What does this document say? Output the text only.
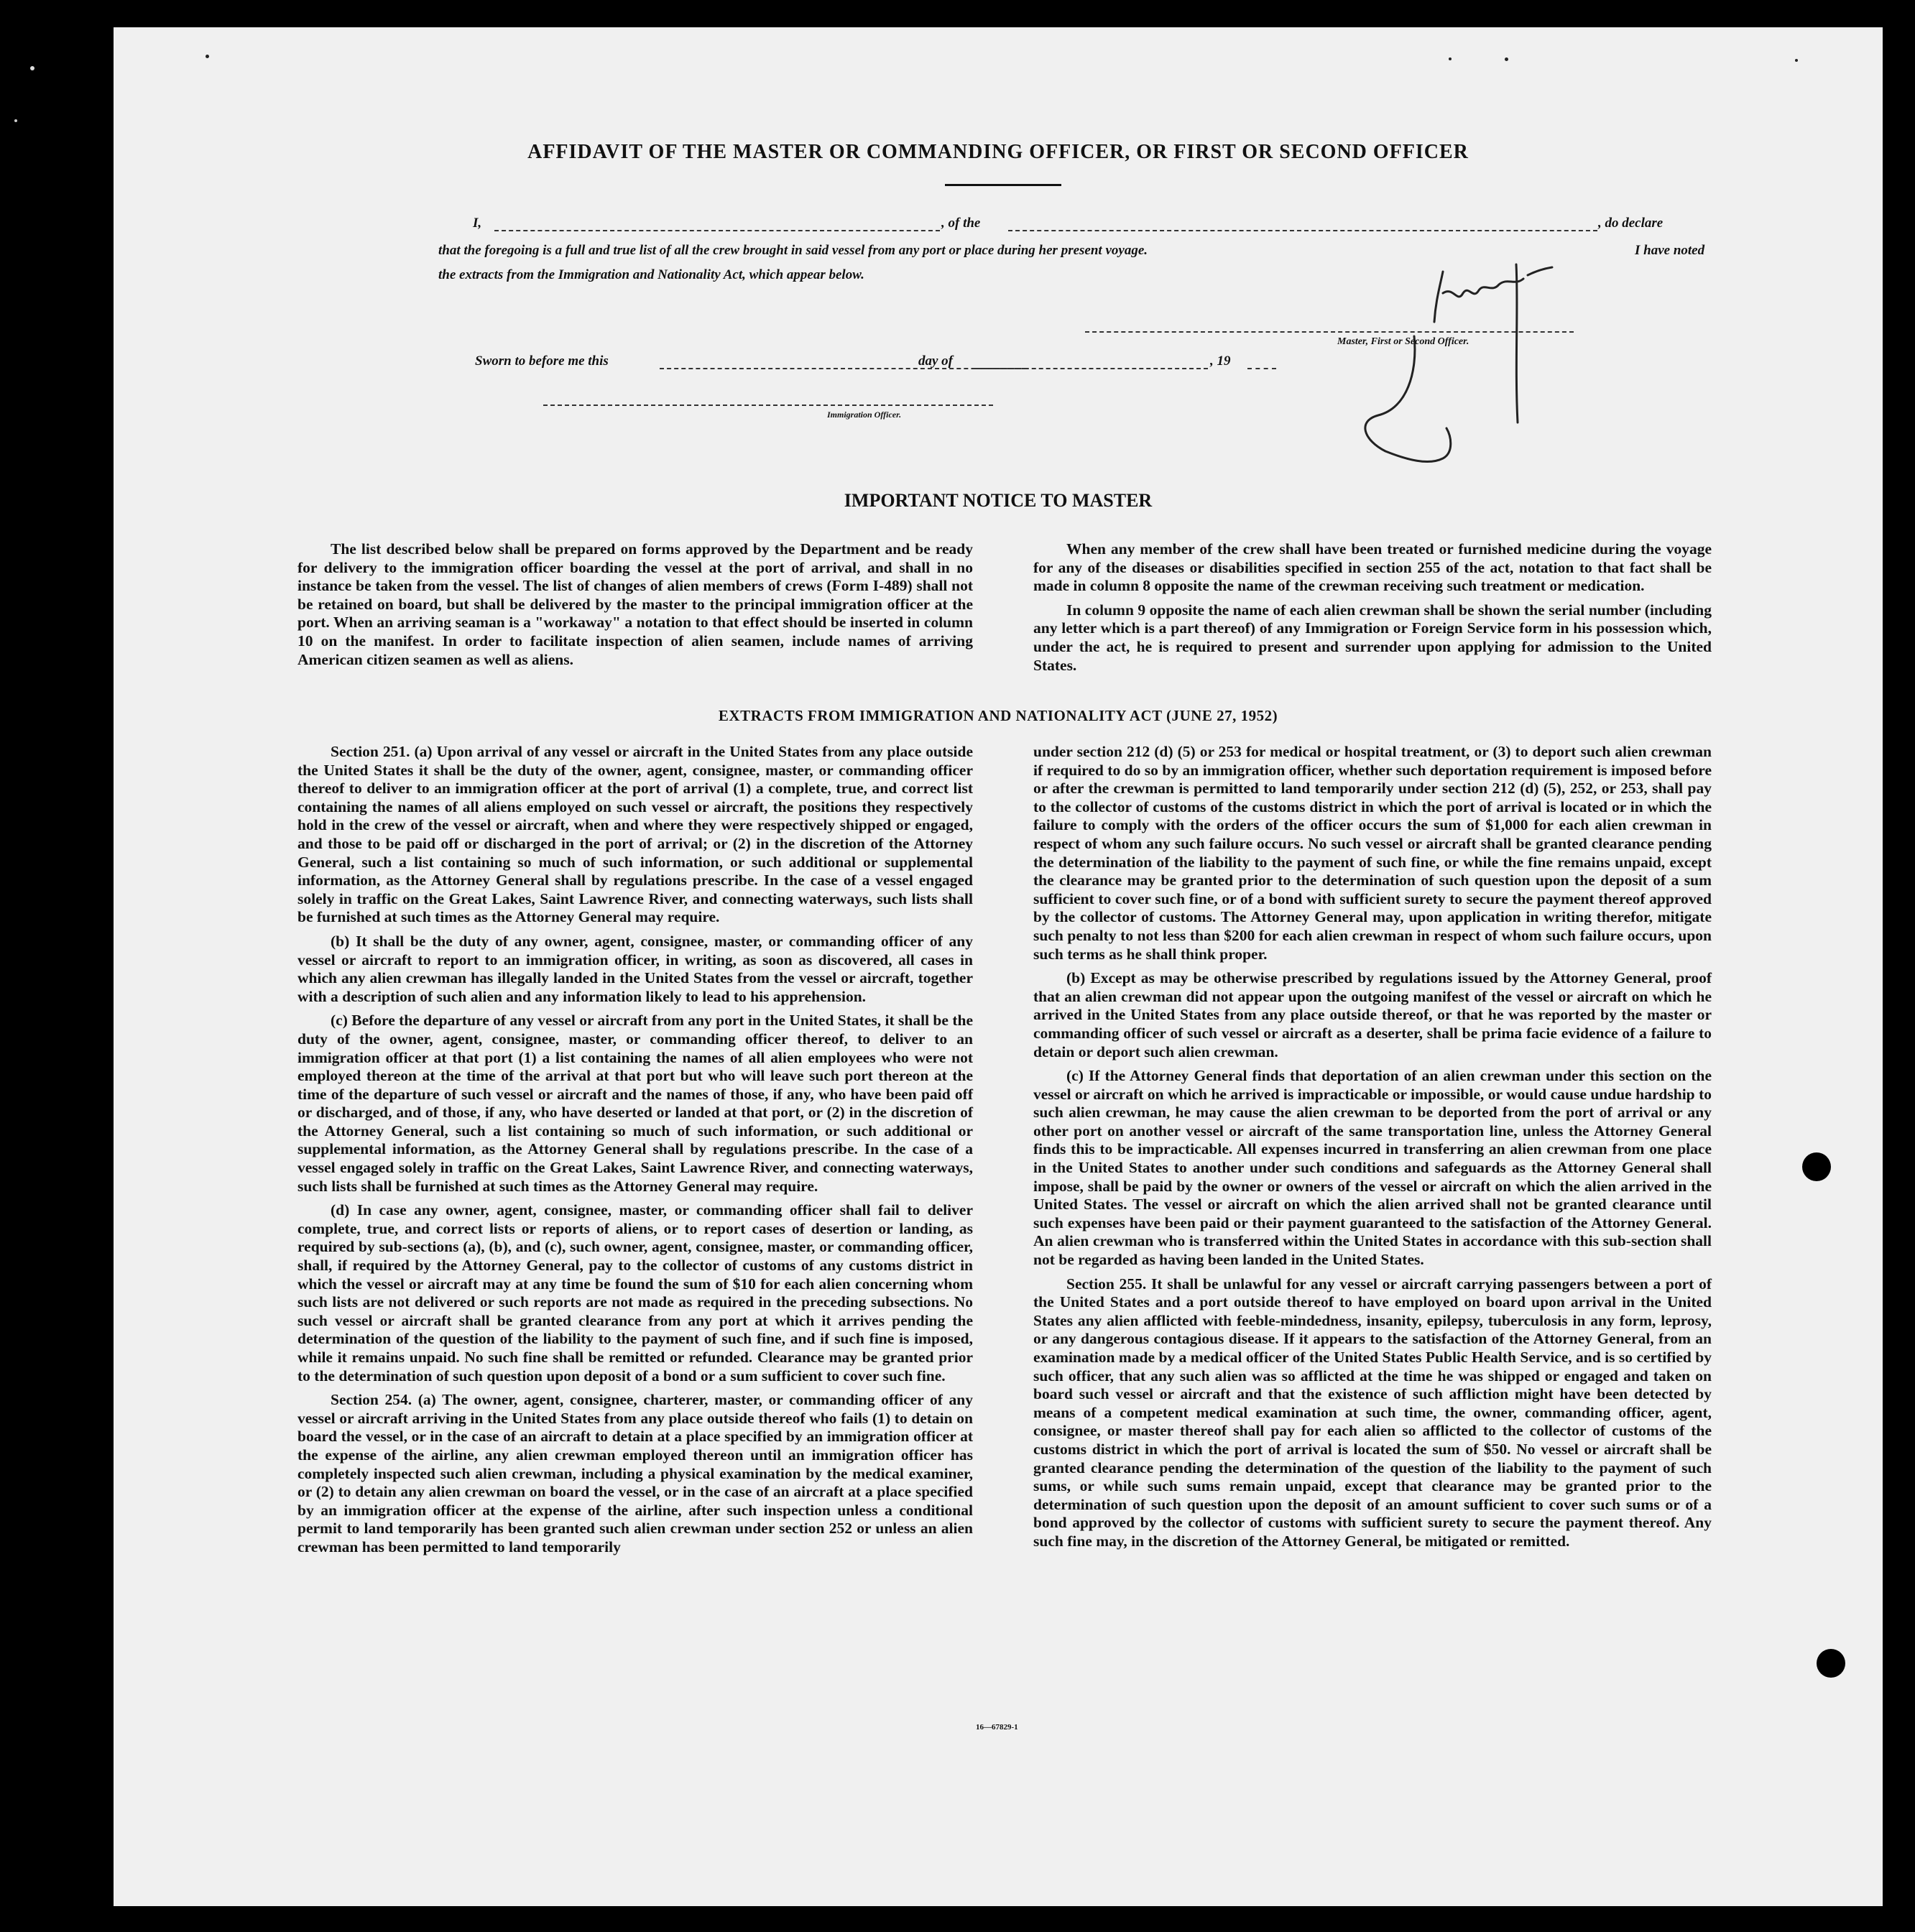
AFFIDAVIT OF THE MASTER OR COMMANDING OFFICER, OR FIRST OR SECOND OFFICER
I,	, of the	, do declare
that the foregoing is a full and true list of all the crew brought in said vessel from any port or place during her present voyage.	I have noted
the extracts from the Immigration and Nationality Act, which appear below.
Master, First or Second Officer.
Sworn to before me this	day of	, 19
Immigration Officer.
IMPORTANT NOTICE TO MASTER

The list described below shall be prepared on forms approved by the Department and be ready for delivery to the immigration officer boarding the vessel at the port of arrival, and shall in no instance be taken from the vessel. The list of changes of alien members of crews (Form I-489) shall not be retained on board, but shall be delivered by the master to the principal immigration officer at the port. When an arriving seaman is a "workaway" a notation to that effect should be inserted in column 10 on the manifest. In order to facilitate inspection of alien seamen, include names of arriving American citizen seamen as well as aliens.

When any member of the crew shall have been treated or furnished medicine during the voyage for any of the diseases or disabilities specified in section 255 of the act, notation to that fact shall be made in column 8 opposite the name of the crewman receiving such treatment or medication.

In column 9 opposite the name of each alien crewman shall be shown the serial number (including any letter which is a part thereof) of any Immigration or Foreign Service form in his possession which, under the act, he is required to present and surrender upon applying for admission to the United States.

EXTRACTS FROM IMMIGRATION AND NATIONALITY ACT (JUNE 27, 1952)

Section 251. (a) Upon arrival of any vessel or aircraft in the United States from any place outside the United States it shall be the duty of the owner, agent, consignee, master, or commanding officer thereof to deliver to an immigration officer at the port of arrival (1) a complete, true, and correct list containing the names of all aliens employed on such vessel or aircraft, the positions they respectively hold in the crew of the vessel or aircraft, when and where they were respectively shipped or engaged, and those to be paid off or discharged in the port of arrival; or (2) in the discretion of the Attorney General, such a list containing so much of such information, or such additional or supplemental information, as the Attorney General shall by regulations prescribe. In the case of a vessel engaged solely in traffic on the Great Lakes, Saint Lawrence River, and connecting waterways, such lists shall be furnished at such times as the Attorney General may require.

(b) It shall be the duty of any owner, agent, consignee, master, or commanding officer of any vessel or aircraft to report to an immigration officer, in writing, as soon as discovered, all cases in which any alien crewman has illegally landed in the United States from the vessel or aircraft, together with a description of such alien and any information likely to lead to his apprehension.

(c) Before the departure of any vessel or aircraft from any port in the United States, it shall be the duty of the owner, agent, consignee, master, or commanding officer thereof, to deliver to an immigration officer at that port (1) a list containing the names of all alien employees who were not employed thereon at the time of the arrival at that port but who will leave such port thereon at the time of the departure of such vessel or aircraft and the names of those, if any, who have been paid off or discharged, and of those, if any, who have deserted or landed at that port, or (2) in the discretion of the Attorney General, such a list containing so much of such information, or such additional or supplemental information, as the Attorney General shall by regulations prescribe. In the case of a vessel engaged solely in traffic on the Great Lakes, Saint Lawrence River, and connecting waterways, such lists shall be furnished at such times as the Attorney General may require.

(d) In case any owner, agent, consignee, master, or commanding officer shall fail to deliver complete, true, and correct lists or reports of aliens, or to report cases of desertion or landing, as required by sub-sections (a), (b), and (c), such owner, agent, consignee, master, or commanding officer, shall, if required by the Attorney General, pay to the collector of customs of any customs district in which the vessel or aircraft may at any time be found the sum of $10 for each alien concerning whom such lists are not delivered or such reports are not made as required in the preceding subsections. No such vessel or aircraft shall be granted clearance from any port at which it arrives pending the determination of the question of the liability to the payment of such fine, and if such fine is imposed, while it remains unpaid. No such fine shall be remitted or refunded. Clearance may be granted prior to the determination of such question upon deposit of a bond or a sum sufficient to cover such fine.

Section 254. (a) The owner, agent, consignee, charterer, master, or commanding officer of any vessel or aircraft arriving in the United States from any place outside thereof who fails (1) to detain on board the vessel, or in the case of an aircraft to detain at a place specified by an immigration officer at the expense of the airline, any alien crewman employed thereon until an immigration officer has completely inspected such alien crewman, including a physical examination by the medical examiner, or (2) to detain any alien crewman on board the vessel, or in the case of an aircraft at a place specified by an immigration officer at the expense of the airline, after such inspection unless a conditional permit to land temporarily has been granted such alien crewman under section 252 or unless an alien crewman has been permitted to land temporarily

under section 212 (d) (5) or 253 for medical or hospital treatment, or (3) to deport such alien crewman if required to do so by an immigration officer, whether such deportation requirement is imposed before or after the crewman is permitted to land temporarily under section 212 (d) (5), 252, or 253, shall pay to the collector of customs of the customs district in which the port of arrival is located or in which the failure to comply with the orders of the officer occurs the sum of $1,000 for each alien crewman in respect of whom any such failure occurs. No such vessel or aircraft shall be granted clearance pending the determination of the liability to the payment of such fine, or while the fine remains unpaid, except the clearance may be granted prior to the determination of such question upon the deposit of a sum sufficient to cover such fine, or of a bond with sufficient surety to secure the payment thereof approved by the collector of customs. The Attorney General may, upon application in writing therefor, mitigate such penalty to not less than $200 for each alien crewman in respect of whom such failure occurs, upon such terms as he shall think proper.

(b) Except as may be otherwise prescribed by regulations issued by the Attorney General, proof that an alien crewman did not appear upon the outgoing manifest of the vessel or aircraft on which he arrived in the United States from any place outside thereof, or that he was reported by the master or commanding officer of such vessel or aircraft as a deserter, shall be prima facie evidence of a failure to detain or deport such alien crewman.

(c) If the Attorney General finds that deportation of an alien crewman under this section on the vessel or aircraft on which he arrived is impracticable or impossible, or would cause undue hardship to such alien crewman, he may cause the alien crewman to be deported from the port of arrival or any other port on another vessel or aircraft of the same transportation line, unless the Attorney General finds this to be impracticable. All expenses incurred in transferring an alien crewman from one place in the United States to another under such conditions and safeguards as the Attorney General shall impose, shall be paid by the owner or owners of the vessel or aircraft on which the alien arrived in the United States. The vessel or aircraft on which the alien arrived shall not be granted clearance until such expenses have been paid or their payment guaranteed to the satisfaction of the Attorney General. An alien crewman who is transferred within the United States in accordance with this sub-section shall not be regarded as having been landed in the United States.

Section 255. It shall be unlawful for any vessel or aircraft carrying passengers between a port of the United States and a port outside thereof to have employed on board upon arrival in the United States any alien afflicted with feeble-mindedness, insanity, epilepsy, tuberculosis in any form, leprosy, or any dangerous contagious disease. If it appears to the satisfaction of the Attorney General, from an examination made by a medical officer of the United States Public Health Service, and is so certified by such officer, that any such alien was so afflicted at the time he was shipped or engaged and taken on board such vessel or aircraft and that the existence of such affliction might have been detected by means of a competent medical examination at such time, the owner, commanding officer, agent, consignee, or master thereof shall pay for each alien so afflicted to the collector of customs of the customs district in which the port of arrival is located the sum of $50. No vessel or aircraft shall be granted clearance pending the determination of the question of the liability to the payment of such sums, or while such sums remain unpaid, except that clearance may be granted prior to the determination of such question upon the deposit of an amount sufficient to cover such sums or of a bond approved by the collector of customs with sufficient surety to secure the payment thereof. Any such fine may, in the discretion of the Attorney General, be mitigated or remitted.

16—67829-1
